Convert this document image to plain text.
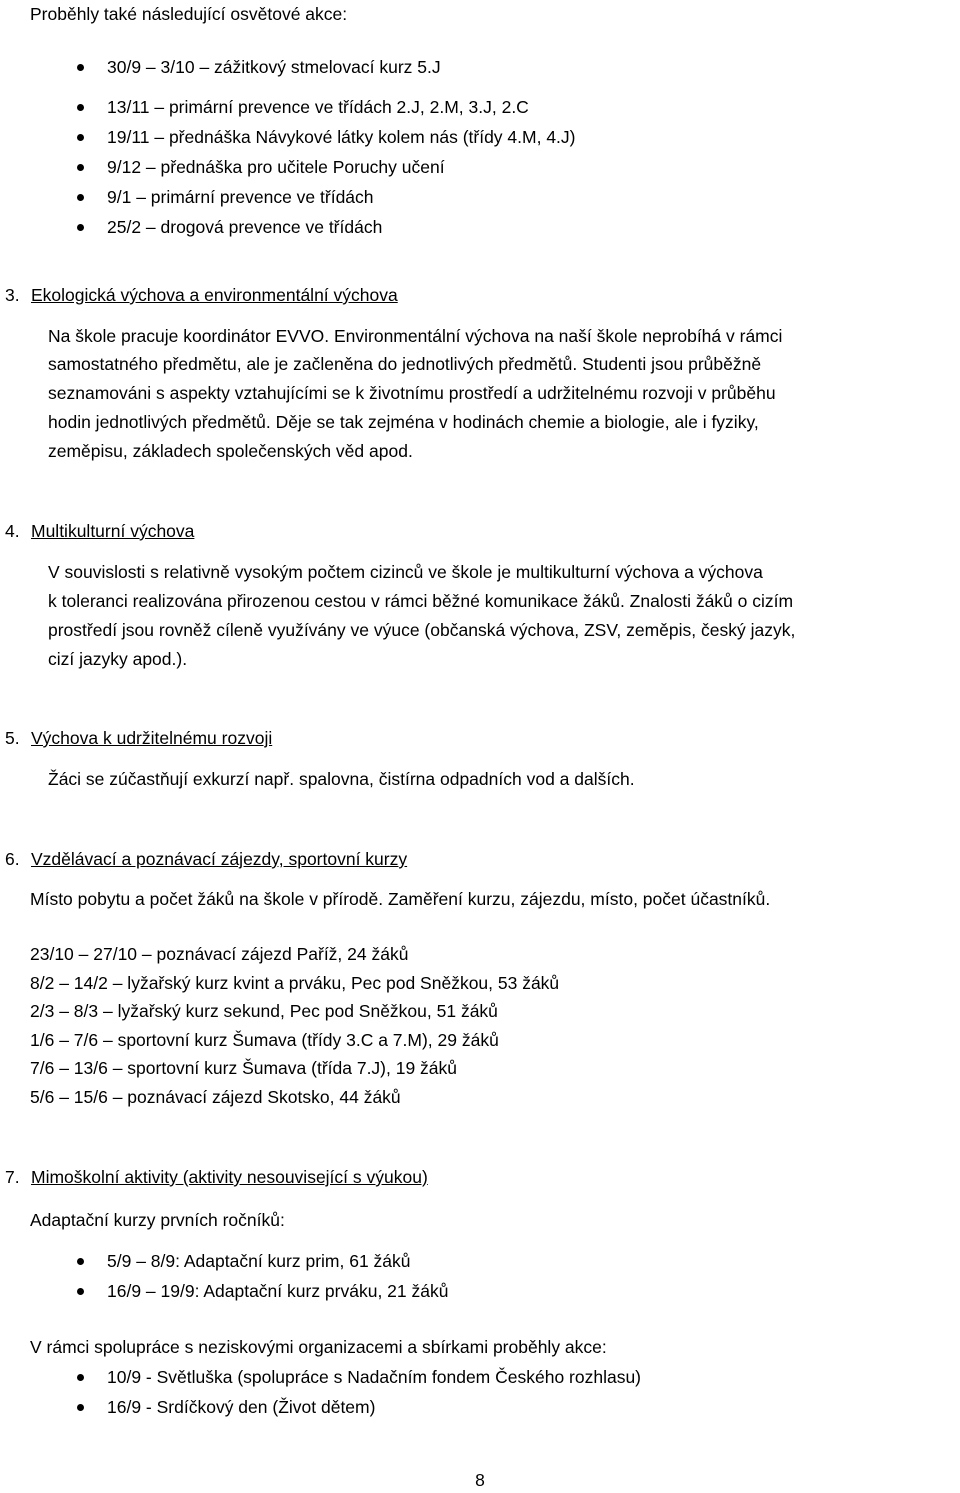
Proběhly také následující osvětové akce:
30/9 – 3/10 – zážitkový stmelovací kurz 5.J
13/11 – primární prevence ve třídách 2.J, 2.M, 3.J, 2.C
19/11 – přednáška Návykové látky kolem nás (třídy 4.M, 4.J)
9/12 – přednáška pro učitele Poruchy učení
9/1 – primární prevence ve třídách
25/2 – drogová prevence ve třídách
3. Ekologická výchova a environmentální výchova
Na škole pracuje koordinátor EVVO. Environmentální výchova na naší škole neprobíhá v rámci
samostatného předmětu, ale je začleněna do jednotlivých předmětů. Studenti jsou průběžně
seznamováni s aspekty vztahujícími se k životnímu prostředí a udržitelnému rozvoji v průběhu
hodin jednotlivých předmětů. Děje se tak zejména v hodinách chemie a biologie, ale i fyziky,
zeměpisu, základech společenských věd apod.
4. Multikulturní výchova
V souvislosti s relativně vysokým počtem cizinců ve škole je multikulturní výchova a výchova
k toleranci realizována přirozenou cestou v rámci běžné komunikace žáků. Znalosti žáků o cizím
prostředí jsou rovněž cíleně využívány ve výuce (občanská výchova, ZSV, zeměpis, český jazyk,
cizí jazyky apod.).
5. Výchova k udržitelnému rozvoji
Žáci se zúčastňují exkurzí např. spalovna, čistírna odpadních vod a dalších.
6. Vzdělávací a poznávací zájezdy, sportovní kurzy
Místo pobytu a počet žáků na škole v přírodě. Zaměření kurzu, zájezdu, místo, počet účastníků.
23/10 – 27/10 – poznávací zájezd Paříž, 24 žáků
8/2 – 14/2 – lyžařský kurz kvint a prváku, Pec pod Sněžkou, 53 žáků
2/3 – 8/3 – lyžařský kurz sekund, Pec pod Sněžkou, 51 žáků
1/6 – 7/6 – sportovní kurz Šumava (třídy 3.C a 7.M), 29 žáků
7/6 – 13/6 – sportovní kurz Šumava (třída 7.J), 19 žáků
5/6 – 15/6 – poznávací zájezd Skotsko, 44 žáků
7. Mimoškolní aktivity (aktivity nesouvisející s výukou)
Adaptační kurzy prvních ročníků:
5/9 – 8/9: Adaptační kurz prim, 61 žáků
16/9 – 19/9: Adaptační kurz prváku, 21 žáků
V rámci spolupráce s neziskovými organizacemi a sbírkami proběhly akce:
10/9 - Světluška (spolupráce s Nadačním fondem Českého rozhlasu)
16/9 - Srdíčkový den (Život dětem)
8
